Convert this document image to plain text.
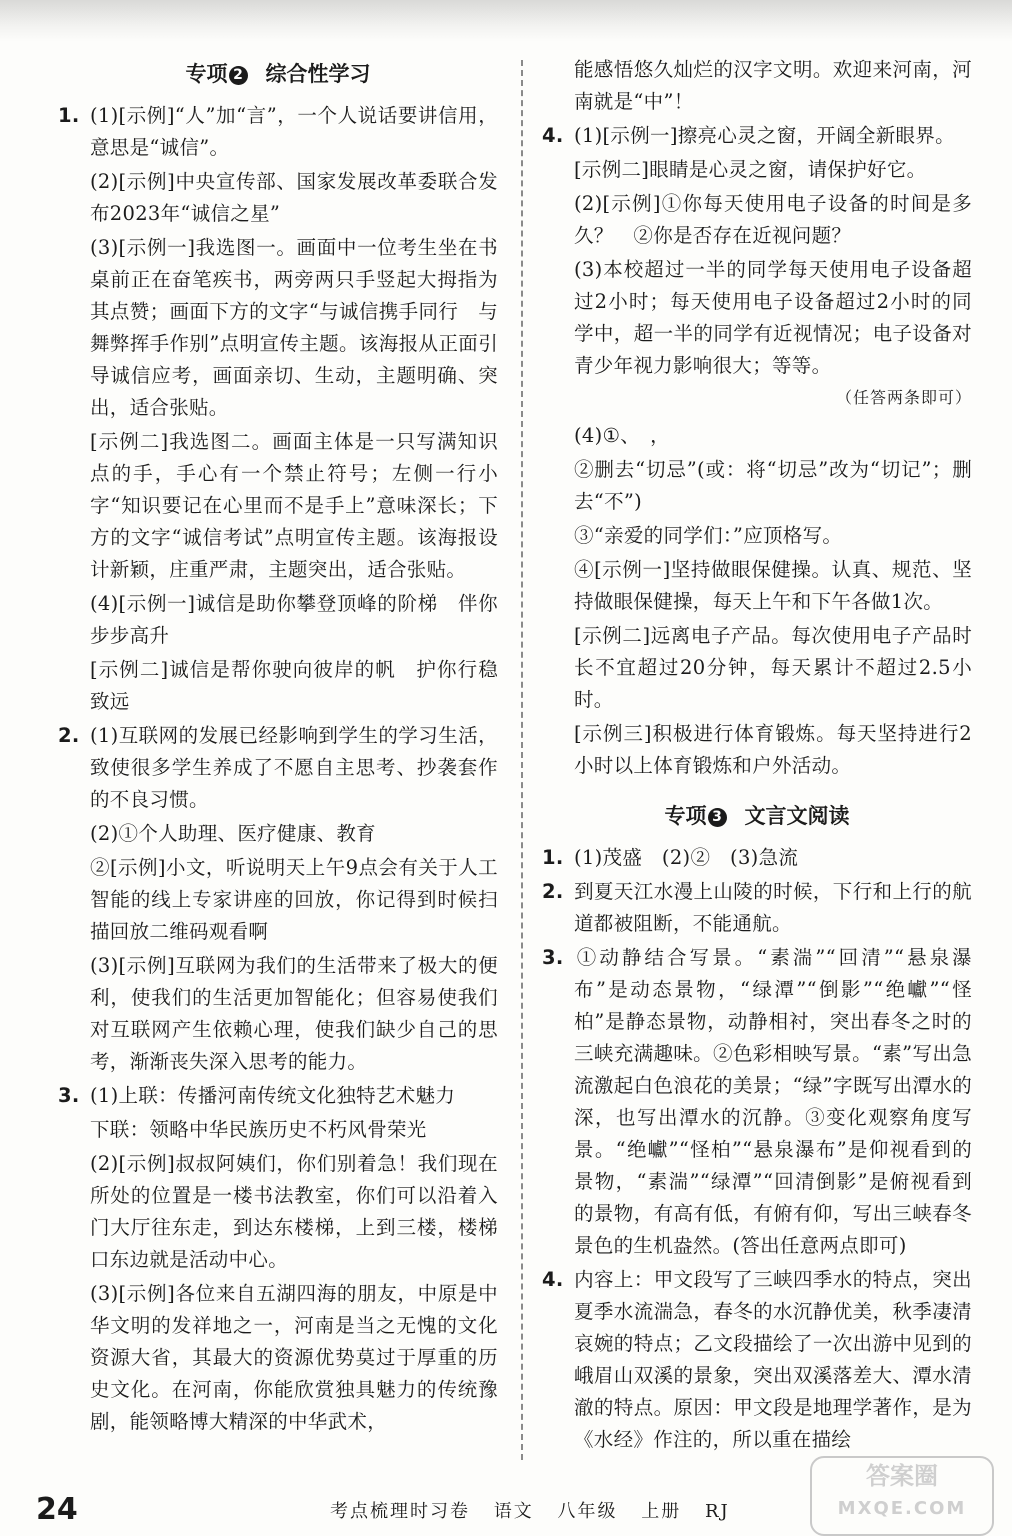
专项 2 综合性学习
1. (1)[示例]“人”加“言”，一个人说话要讲信用，意思是“诚信”。
(2)[示例]中央宣传部、国家发展改革委联合发布2023年“诚信之星”
(3)[示例一]我选图一。画面中一位考生坐在书桌前正在奋笔疾书，两旁两只手竖起大拇指为其点赞；画面下方的文字“与诚信携手同行　与舞弊挥手作别”点明宣传主题。该海报从正面引导诚信应考，画面亲切、生动，主题明确、突出，适合张贴。
[示例二]我选图二。画面主体是一只写满知识点的手，手心有一个禁止符号；左侧一行小字“知识要记在心里而不是手上”意味深长；下方的文字“诚信考试”点明宣传主题。该海报设计新颖，庄重严肃，主题突出，适合张贴。
(4)[示例一]诚信是助你攀登顶峰的阶梯　伴你步步高升
[示例二]诚信是帮你驶向彼岸的帆　护你行稳致远
2. (1)互联网的发展已经影响到学生的学习生活，致使很多学生养成了不愿自主思考、抄袭套作的不良习惯。
(2)①个人助理、医疗健康、教育
②[示例]小文，听说明天上午9点会有关于人工智能的线上专家讲座的回放，你记得到时候扫描回放二维码观看啊
(3)[示例]互联网为我们的生活带来了极大的便利，使我们的生活更加智能化；但容易使我们对互联网产生依赖心理，使我们缺少自己的思考，渐渐丧失深入思考的能力。
3. (1)上联：传播河南传统文化独特艺术魅力
下联：领略中华民族历史不朽风骨荣光
(2)[示例]叔叔阿姨们，你们别着急！我们现在所处的位置是一楼书法教室，你们可以沿着入门大厅往东走，到达东楼梯，上到三楼，楼梯口东边就是活动中心。
(3)[示例]各位来自五湖四海的朋友，中原是中华文明的发祥地之一，河南是当之无愧的文化资源大省，其最大的资源优势莫过于厚重的历史文化。在河南，你能欣赏独具魅力的传统豫剧，能领略博大精深的中华武术，
能感悟悠久灿烂的汉字文明。欢迎来河南，河南就是“中”！
4. (1)[示例一]擦亮心灵之窗，开阔全新眼界。
[示例二]眼睛是心灵之窗，请保护好它。
(2)[示例]①你每天使用电子设备的时间是多久？　②你是否存在近视问题？
(3)本校超过一半的同学每天使用电子设备超过2小时；每天使用电子设备超过2小时的同学中，超一半的同学有近视情况；电子设备对青少年视力影响很大；等等。
（任答两条即可）
(4)①、　，
②删去“切忌”(或：将“切忌”改为“切记”；删去“不”)
③“亲爱的同学们：”应顶格写。
④[示例一]坚持做眼保健操。认真、规范、坚持做眼保健操，每天上午和下午各做1次。
[示例二]远离电子产品。每次使用电子产品时长不宜超过20分钟，每天累计不超过2.5小时。
[示例三]积极进行体育锻炼。每天坚持进行2小时以上体育锻炼和户外活动。
专项 3 文言文阅读
1. (1)茂盛　(2)②　(3)急流
2. 到夏天江水漫上山陵的时候，下行和上行的航道都被阻断，不能通航。
3. ①动静结合写景。“素湍”“回清”“悬泉瀑布”是动态景物，“绿潭”“倒影”“绝巘”“怪柏”是静态景物，动静相衬，突出春冬之时的三峡充满趣味。②色彩相映写景。“素”写出急流激起白色浪花的美景；“绿”字既写出潭水的深，也写出潭水的沉静。③变化观察角度写景。“绝巘”“怪柏”“悬泉瀑布”是仰视看到的景物，“素湍”“绿潭”“回清倒影”是俯视看到的景物，有高有低，有俯有仰，写出三峡春冬景色的生机盎然。(答出任意两点即可)
4. 内容上：甲文段写了三峡四季水的特点，突出夏季水流湍急，春冬的水沉静优美，秋季凄清哀婉的特点；乙文段描绘了一次出游中见到的峨眉山双溪的景象，突出双溪落差大、潭水清澈的特点。原因：甲文段是地理学著作，是为《水经》作注的，所以重在描绘
24	考点梳理时习卷 语文 八年级 上册 RJ
答案圈
MXQE.COM
